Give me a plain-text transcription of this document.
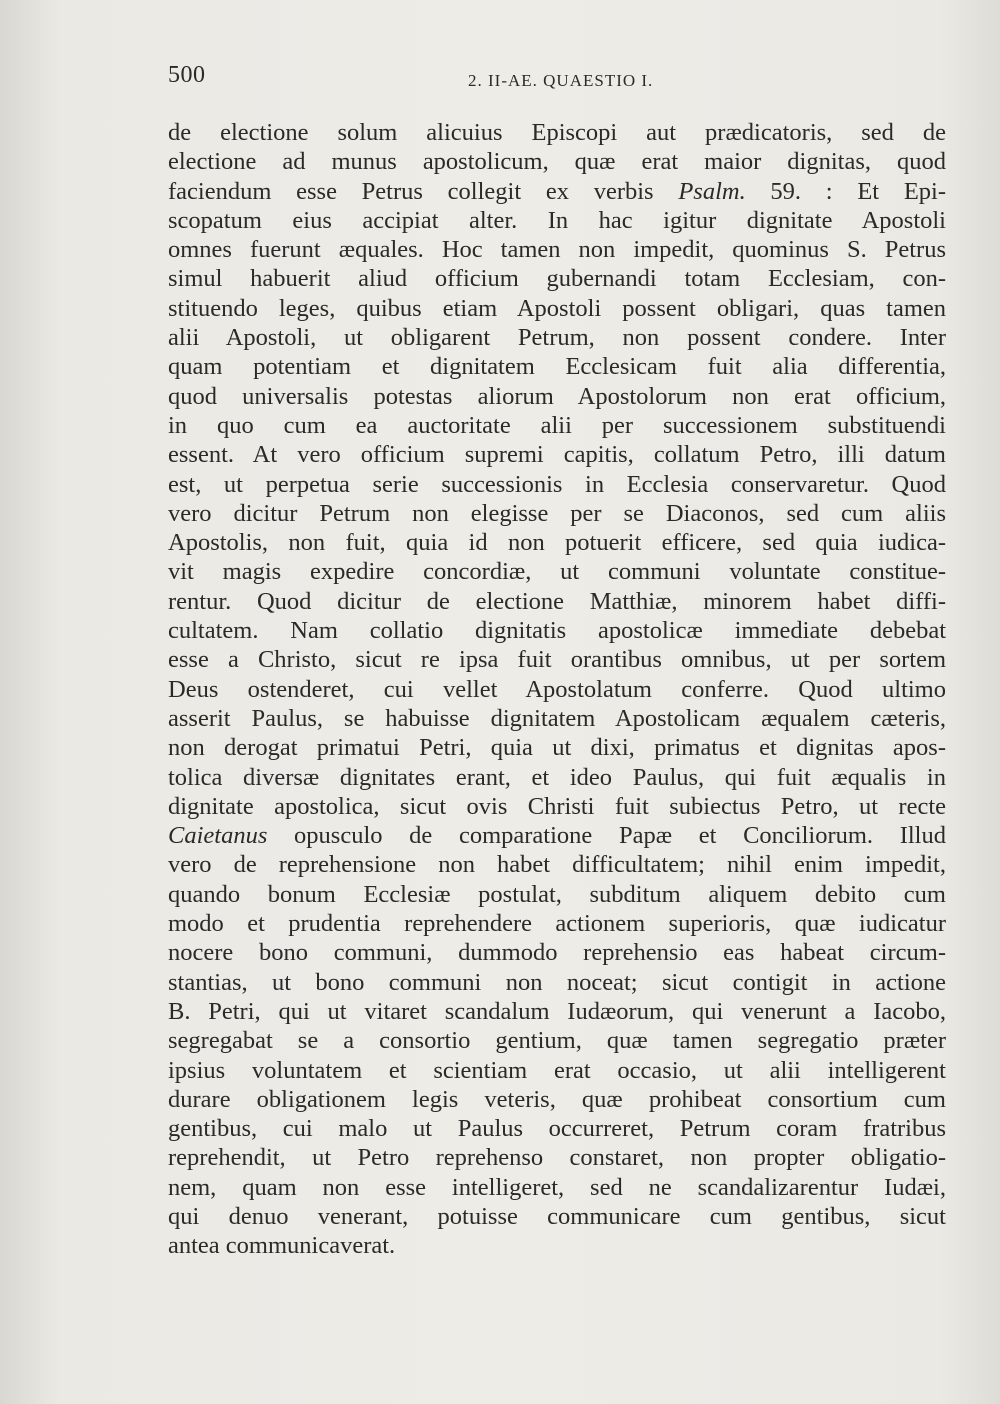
500	2. II-AE. QUAESTIO I.
de electione solum alicuius Episcopi aut prædicatoris, sed de
electione ad munus apostolicum, quæ erat maior dignitas, quod
faciendum esse Petrus collegit ex verbis Psalm. 59. : Et Epi-
scopatum eius accipiat alter. In hac igitur dignitate Apostoli
omnes fuerunt æquales. Hoc tamen non impedit, quominus S. Petrus
simul habuerit aliud officium gubernandi totam Ecclesiam, con-
stituendo leges, quibus etiam Apostoli possent obligari, quas tamen
alii Apostoli, ut obligarent Petrum, non possent condere. Inter
quam potentiam et dignitatem Ecclesicam fuit alia differentia,
quod universalis potestas aliorum Apostolorum non erat officium,
in quo cum ea auctoritate alii per successionem substituendi
essent. At vero officium supremi capitis, collatum Petro, illi datum
est, ut perpetua serie successionis in Ecclesia conservaretur. Quod
vero dicitur Petrum non elegisse per se Diaconos, sed cum aliis
Apostolis, non fuit, quia id non potuerit efficere, sed quia iudica-
vit magis expedire concordiæ, ut communi voluntate constitue-
rentur. Quod dicitur de electione Matthiæ, minorem habet diffi-
cultatem. Nam collatio dignitatis apostolicæ immediate debebat
esse a Christo, sicut re ipsa fuit orantibus omnibus, ut per sortem
Deus ostenderet, cui vellet Apostolatum conferre. Quod ultimo
asserit Paulus, se habuisse dignitatem Apostolicam æqualem cæteris,
non derogat primatui Petri, quia ut dixi, primatus et dignitas apos-
tolica diversæ dignitates erant, et ideo Paulus, qui fuit æqualis in
dignitate apostolica, sicut ovis Christi fuit subiectus Petro, ut recte
Caietanus opusculo de comparatione Papæ et Conciliorum. Illud
vero de reprehensione non habet difficultatem; nihil enim impedit,
quando bonum Ecclesiæ postulat, subditum aliquem debito cum
modo et prudentia reprehendere actionem superioris, quæ iudicatur
nocere bono communi, dummodo reprehensio eas habeat circum-
stantias, ut bono communi non noceat; sicut contigit in actione
B. Petri, qui ut vitaret scandalum Iudæorum, qui venerunt a Iacobo,
segregabat se a consortio gentium, quæ tamen segregatio præter
ipsius voluntatem et scientiam erat occasio, ut alii intelligerent
durare obligationem legis veteris, quæ prohibeat consortium cum
gentibus, cui malo ut Paulus occurreret, Petrum coram fratribus
reprehendit, ut Petro reprehenso constaret, non propter obligatio-
nem, quam non esse intelligeret, sed ne scandalizarentur Iudæi,
qui denuo venerant, potuisse communicare cum gentibus, sicut
antea communicaverat.
